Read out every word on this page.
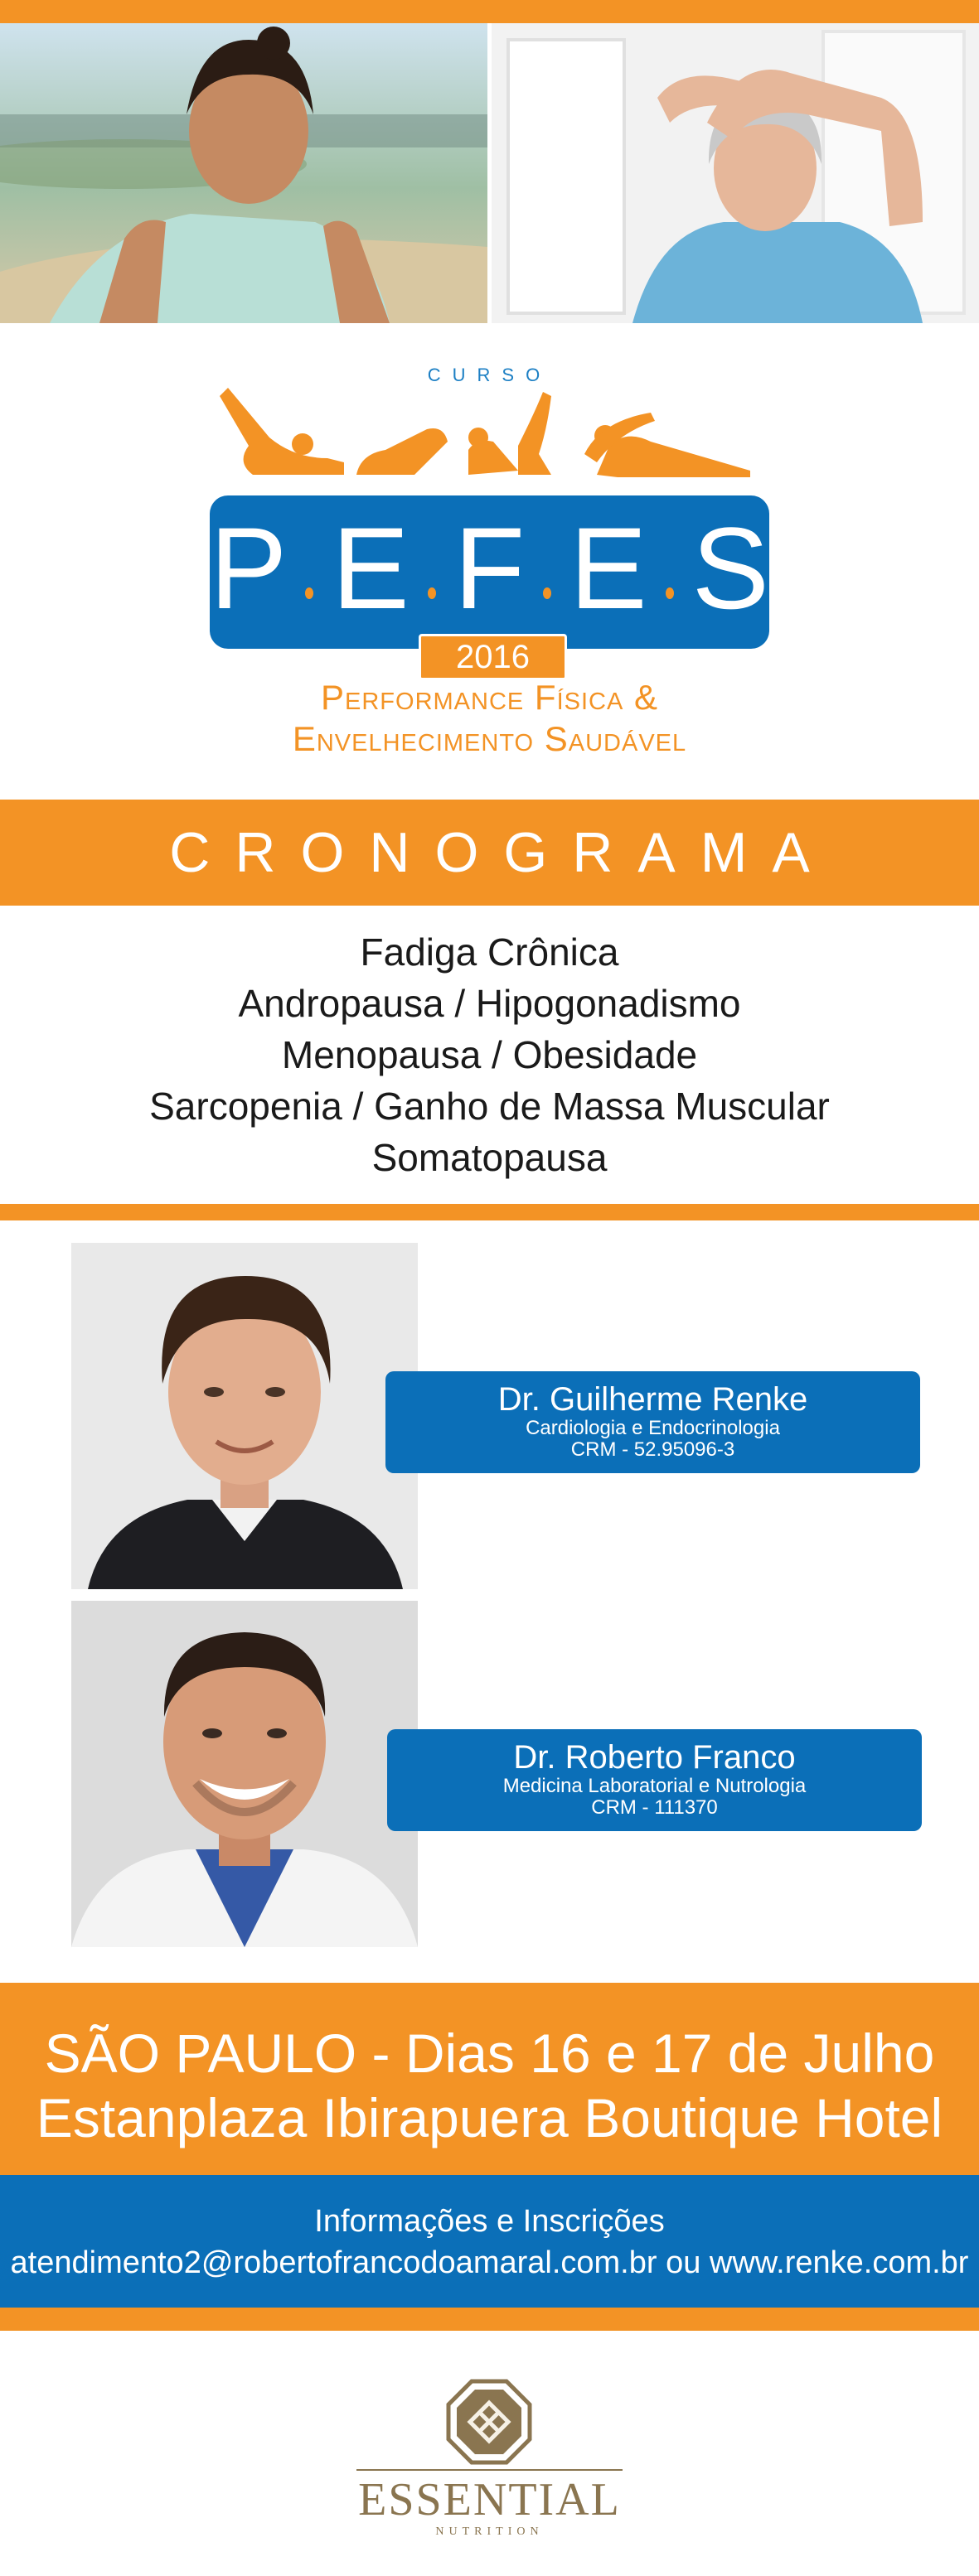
CURSO
P E F E S
2016
Performance Física &
Envelhecimento Saudável
CRONOGRAMA
Fadiga Crônica
Andropausa / Hipogonadismo
Menopausa / Obesidade
Sarcopenia / Ganho de Massa Muscular
Somatopausa
Dr. Guilherme Renke
Cardiologia e Endocrinologia
CRM - 52.95096-3
Dr. Roberto Franco
Medicina Laboratorial e Nutrologia
CRM - 111370
SÃO PAULO - Dias 16 e 17 de Julho
Estanplaza Ibirapuera Boutique Hotel
Informações e Inscrições
atendimento2@robertofrancodoamaral.com.br ou www.renke.com.br
ESSENTIAL
NUTRITION
